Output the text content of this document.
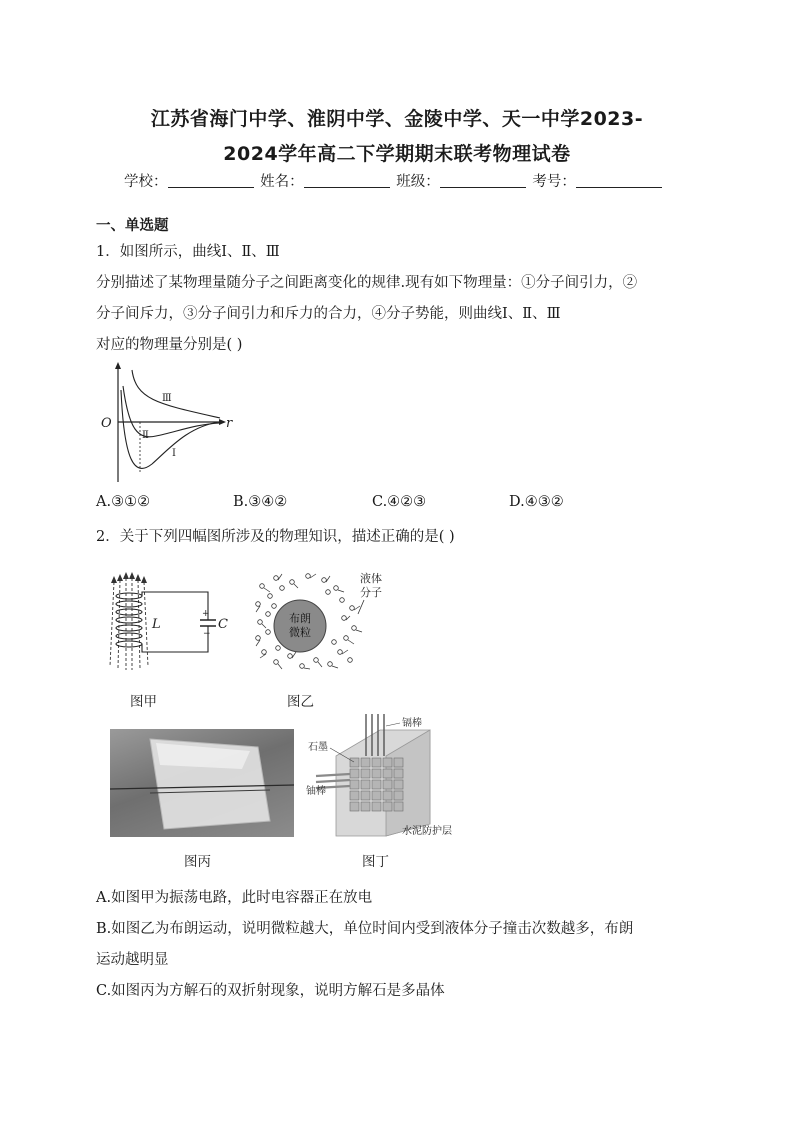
江苏省海门中学、淮阴中学、金陵中学、天一中学2023-
2024学年高二下学期期末联考物理试卷
学校：	姓名：	班级：	考号：
一、单选题
1．如图所示，曲线Ⅰ、Ⅱ、Ⅲ
分别描述了某物理量随分子之间距离变化的规律.现有如下物理量：①分子间引力，②
分子间斥力，③分子间引力和斥力的合力，④分子势能，则曲线Ⅰ、Ⅱ、Ⅲ
对应的物理量分别是( )
O	r
Ⅲ
Ⅱ
Ⅰ
A.③①②	B.③④②	C.④②③	D.④③②
2．关于下列四幅图所涉及的物理知识，描述正确的是( )
+
−
L	C
图甲
布朗
微粒
液体
分子
图乙
图丙
石墨
镉棒
铀棒
水泥防护层
图丁
A.如图甲为振荡电路，此时电容器正在放电
B.如图乙为布朗运动，说明微粒越大，单位时间内受到液体分子撞击次数越多，布朗
运动越明显
C.如图丙为方解石的双折射现象，说明方解石是多晶体
